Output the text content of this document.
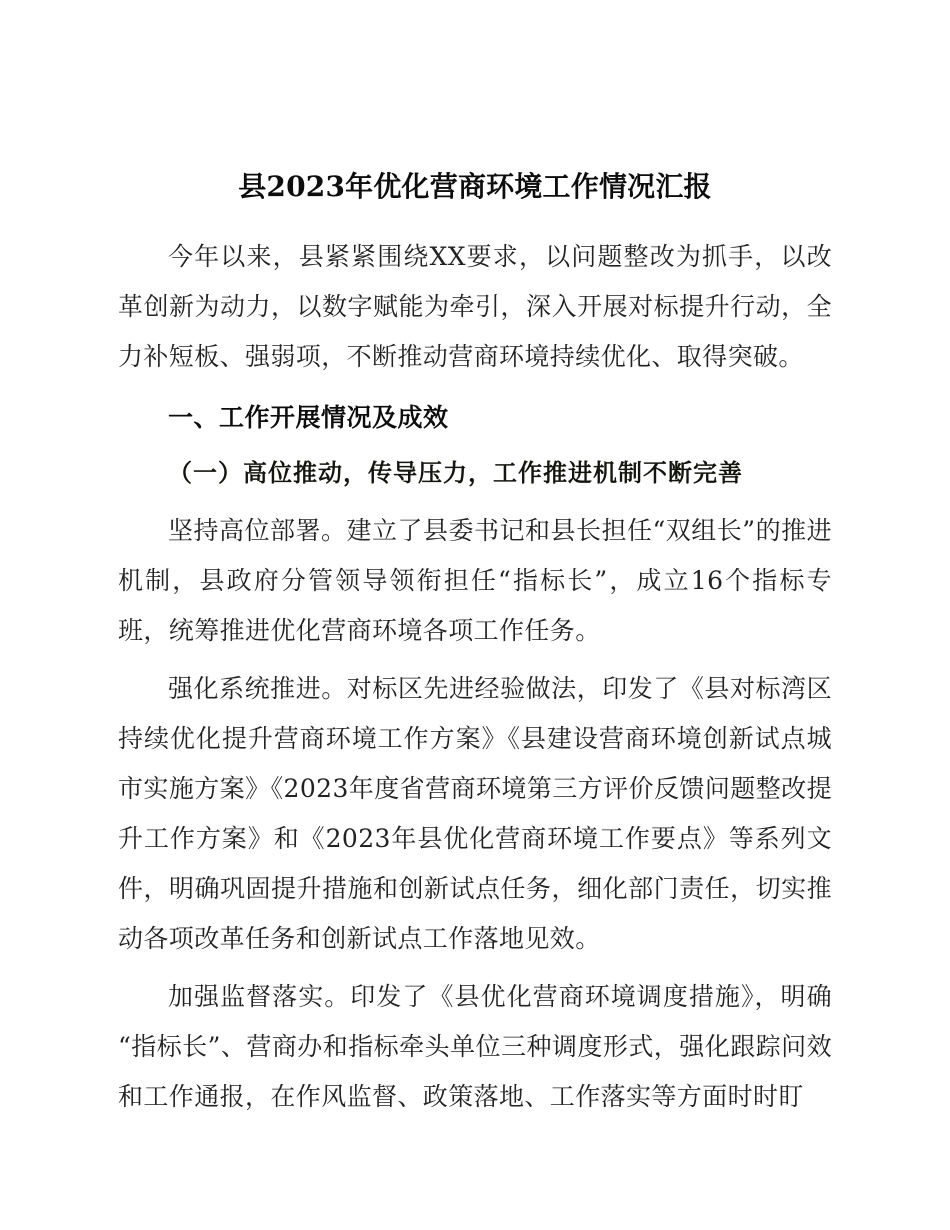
县2023年优化营商环境工作情况汇报

今年以来，县紧紧围绕XX要求，以问题整改为抓手，以改革创新为动力，以数字赋能为牵引，深入开展对标提升行动，全力补短板、强弱项，不断推动营商环境持续优化、取得突破。

一、工作开展情况及成效
（一）高位推动，传导压力，工作推进机制不断完善

坚持高位部署。建立了县委书记和县长担任“双组长”的推进机制，县政府分管领导领衔担任“指标长”，成立16个指标专班，统筹推进优化营商环境各项工作任务。

强化系统推进。对标区先进经验做法，印发了《县对标湾区持续优化提升营商环境工作方案》《县建设营商环境创新试点城市实施方案》《2023年度省营商环境第三方评价反馈问题整改提升工作方案》和《2023年县优化营商环境工作要点》等系列文件，明确巩固提升措施和创新试点任务，细化部门责任，切实推动各项改革任务和创新试点工作落地见效。

加强监督落实。印发了《县优化营商环境调度措施》，明确“指标长”、营商办和指标牵头单位三种调度形式，强化跟踪问效和工作通报，在作风监督、政策落地、工作落实等方面时时盯
